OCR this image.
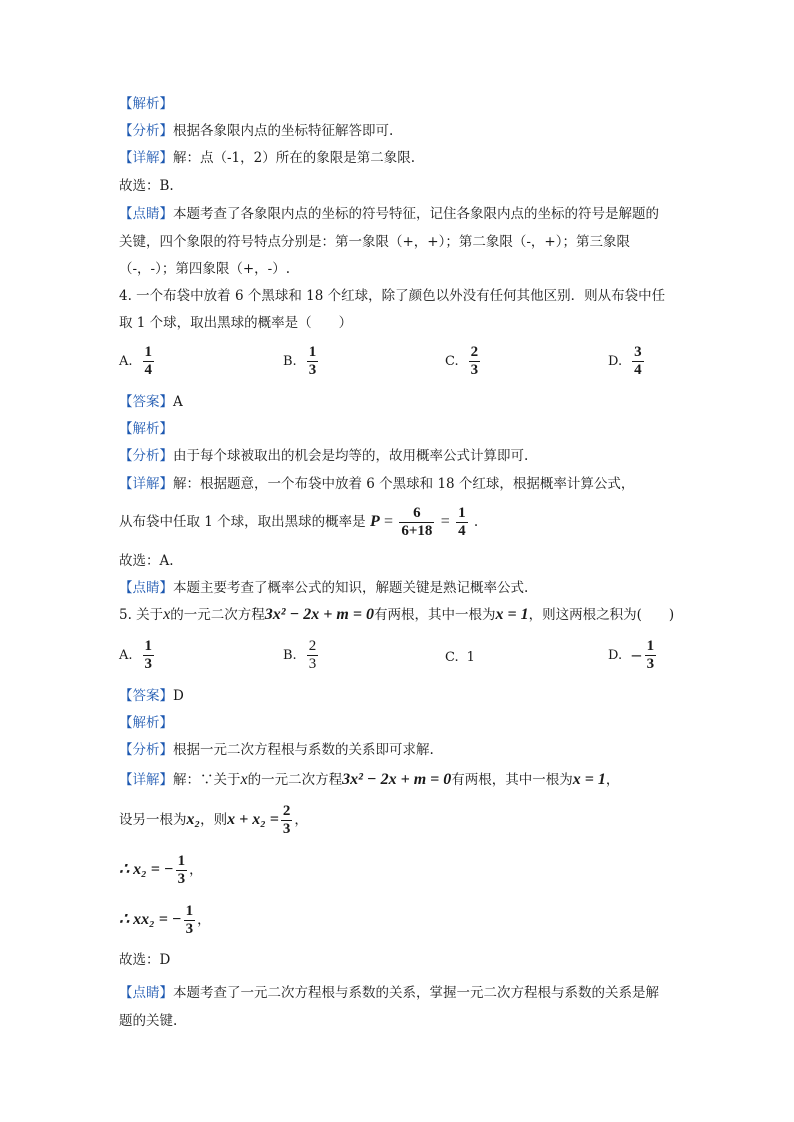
【解析】
【分析】根据各象限内点的坐标特征解答即可.
【详解】解：点（-1，2）所在的象限是第二象限.
故选：B.
【点睛】本题考查了各象限内点的坐标的符号特征，记住各象限内点的坐标的符号是解题的
关键，四个象限的符号特点分别是：第一象限（+，+）；第二象限（-，+）；第三象限
（-，-）；第四象限（+，-）.
4. 一个布袋中放着 6 个黑球和 18 个红球，除了颜色以外没有任何其他区别．则从布袋中任
取 1 个球，取出黑球的概率是（　　）
A. $\frac{1}{4}$	B. $\frac{1}{3}$	C. $\frac{2}{3}$	D. $\frac{3}{4}$
【答案】A
【解析】
【分析】由于每个球被取出的机会是均等的，故用概率公式计算即可.
【详解】解：根据题意，一个布袋中放着 6 个黑球和 18 个红球，根据概率计算公式，
从布袋中任取 1 个球，取出黑球的概率是 $P = \frac{6}{6+18} = \frac{1}{4}$ .
故选：A.
【点睛】本题主要考查了概率公式的知识，解题关键是熟记概率公式.
5. 关于x的一元二次方程3x² − 2x + m = 0有两根，其中一根为x = 1，则这两根之积为(　　)
A. $\frac{1}{3}$	B. $\frac{2}{3}$	C. 1	D. − $\frac{1}{3}$
【答案】D
【解析】
【分析】根据一元二次方程根与系数的关系即可求解.
【详解】解：∵关于x的一元二次方程3x² − 2x + m = 0有两根，其中一根为x = 1，
设另一根为x₂，则$x + x_2 = \frac{2}{3}$ ，
∴ x₂ = − $\frac{1}{3}$ ，
∴ xx₂ = − $\frac{1}{3}$ ，
故选：D
【点睛】本题考查了一元二次方程根与系数的关系，掌握一元二次方程根与系数的关系是解
题的关键.
